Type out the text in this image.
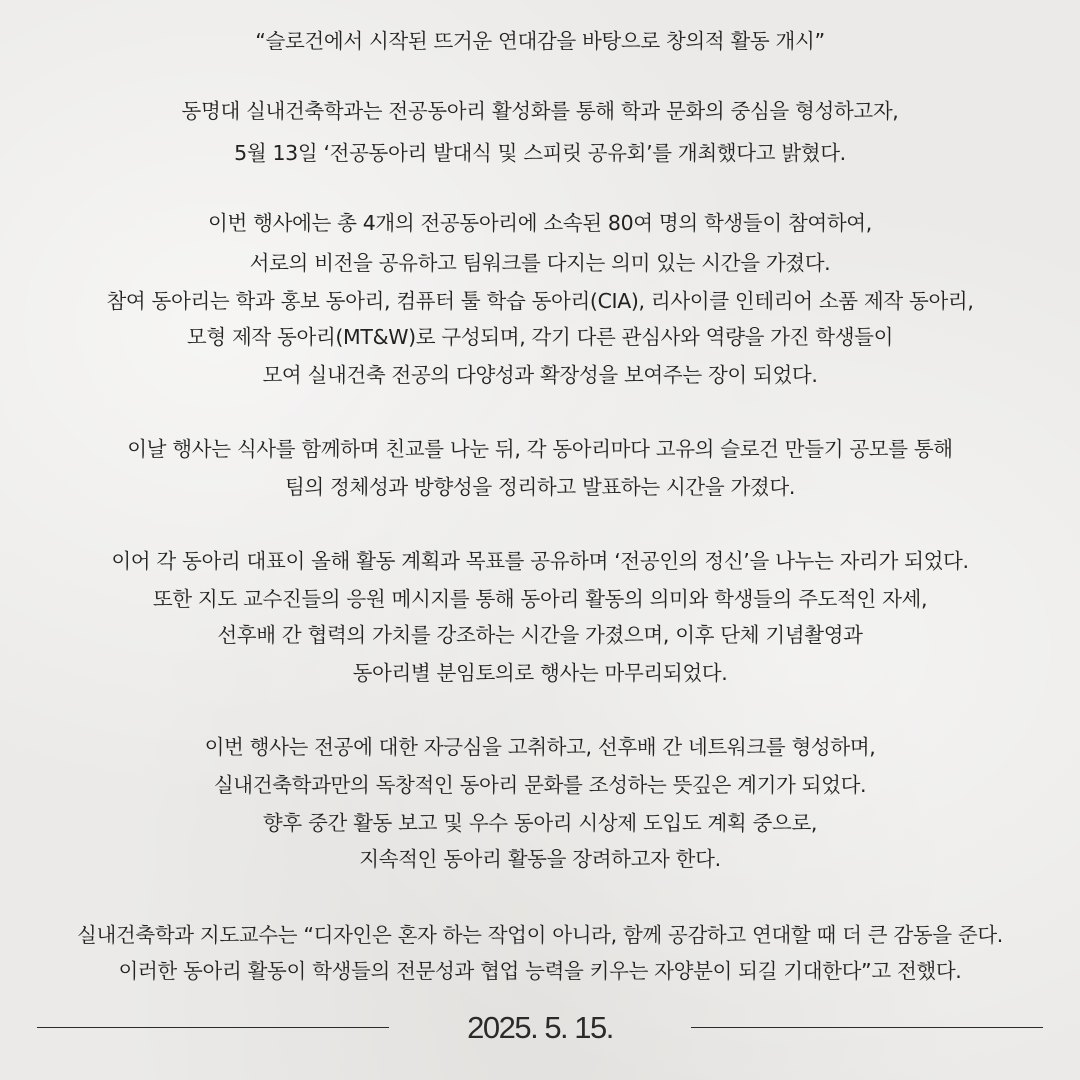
“슬로건에서 시작된 뜨거운 연대감을 바탕으로 창의적 활동 개시”
동명대 실내건축학과는 전공동아리 활성화를 통해 학과 문화의 중심을 형성하고자,
5월 13일 ‘전공동아리 발대식 및 스피릿 공유회’를 개최했다고 밝혔다.
이번 행사에는 총 4개의 전공동아리에 소속된 80여 명의 학생들이 참여하여,
서로의 비전을 공유하고 팀워크를 다지는 의미 있는 시간을 가졌다.
참여 동아리는 학과 홍보 동아리, 컴퓨터 툴 학습 동아리(CIA), 리사이클 인테리어 소품 제작 동아리,
모형 제작 동아리(MT&W)로 구성되며, 각기 다른 관심사와 역량을 가진 학생들이
모여 실내건축 전공의 다양성과 확장성을 보여주는 장이 되었다.
이날 행사는 식사를 함께하며 친교를 나눈 뒤, 각 동아리마다 고유의 슬로건 만들기 공모를 통해
팀의 정체성과 방향성을 정리하고 발표하는 시간을 가졌다.
이어 각 동아리 대표이 올해 활동 계획과 목표를 공유하며 ‘전공인의 정신’을 나누는 자리가 되었다.
또한 지도 교수진들의 응원 메시지를 통해 동아리 활동의 의미와 학생들의 주도적인 자세,
선후배 간 협력의 가치를 강조하는 시간을 가졌으며, 이후 단체 기념촬영과
동아리별 분임토의로 행사는 마무리되었다.
이번 행사는 전공에 대한 자긍심을 고취하고, 선후배 간 네트워크를 형성하며,
실내건축학과만의 독창적인 동아리 문화를 조성하는 뜻깊은 계기가 되었다.
향후 중간 활동 보고 및 우수 동아리 시상제 도입도 계획 중으로,
지속적인 동아리 활동을 장려하고자 한다.
실내건축학과 지도교수는 “디자인은 혼자 하는 작업이 아니라, 함께 공감하고 연대할 때 더 큰 감동을 준다.
이러한 동아리 활동이 학생들의 전문성과 협업 능력을 키우는 자양분이 되길 기대한다”고 전했다.
2025. 5. 15.
